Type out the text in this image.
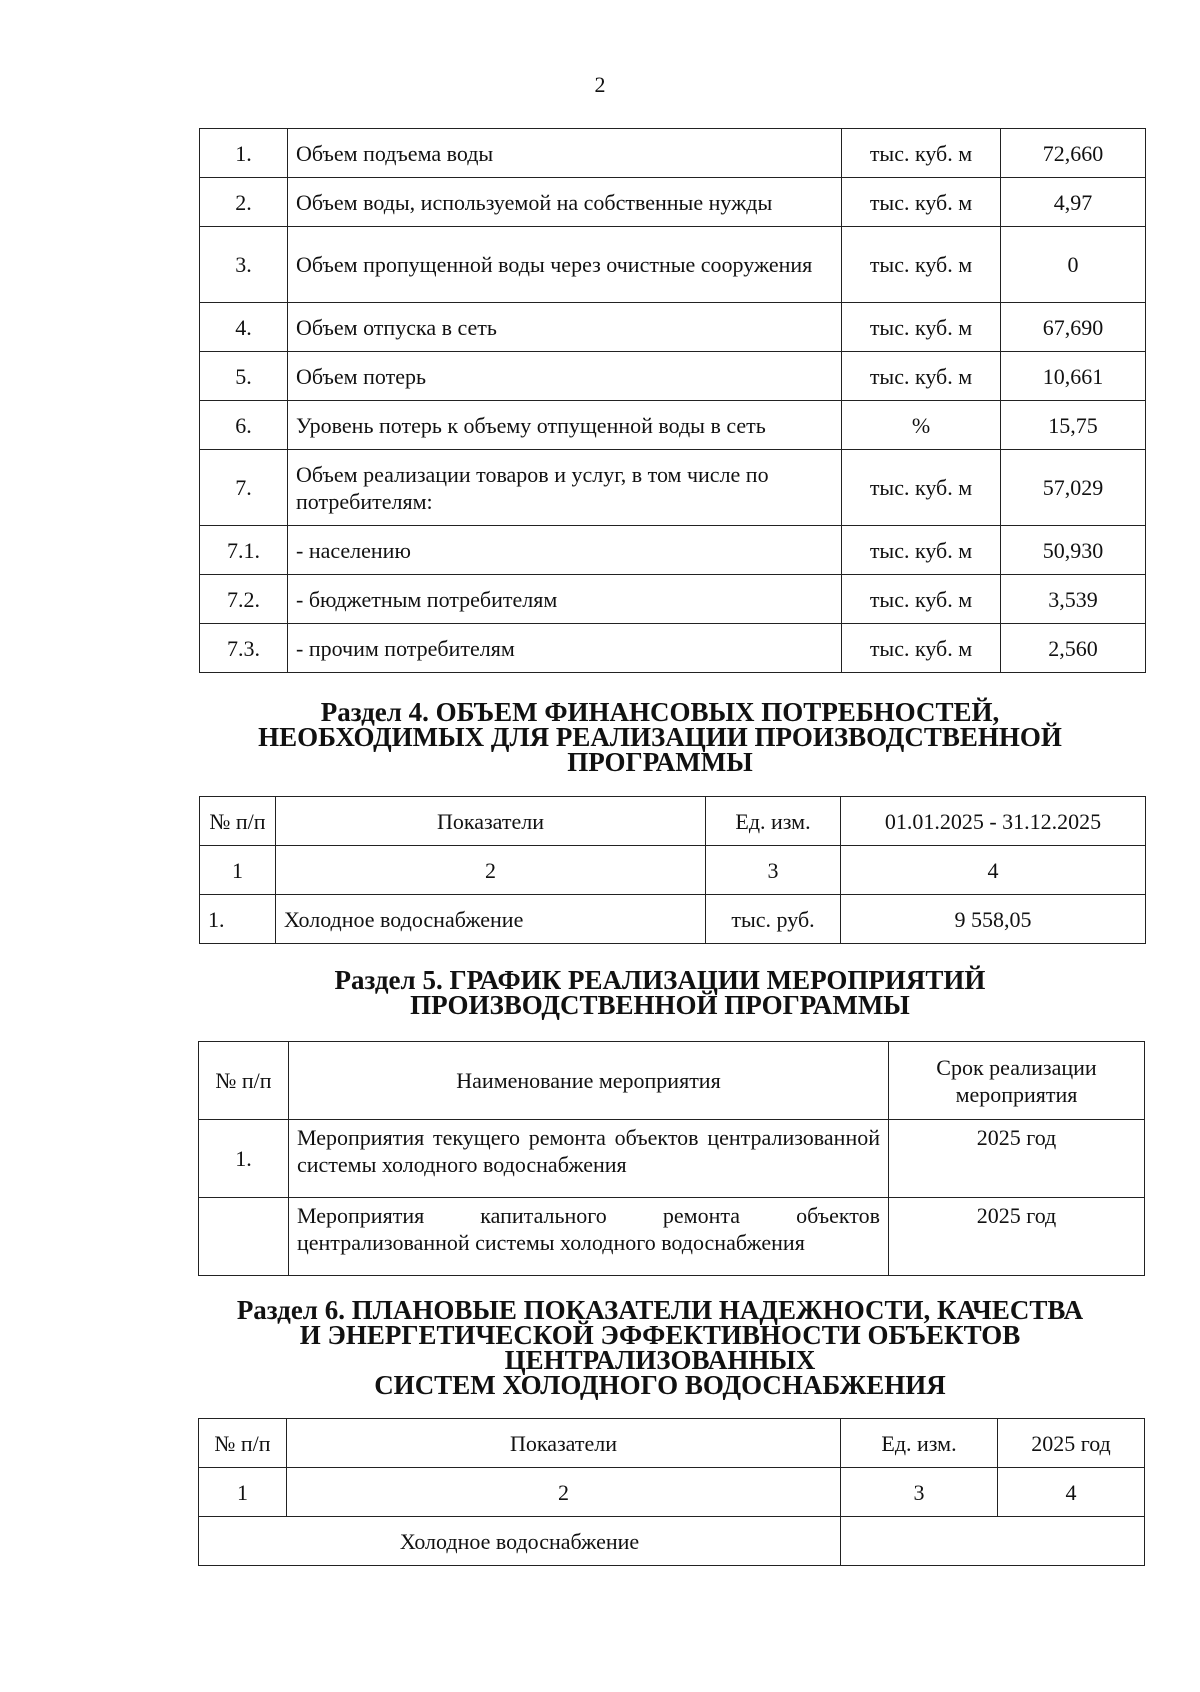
2
1.	Объем подъема воды	тыс. куб. м	72,660
2.	Объем воды, используемой на собственные нужды	тыс. куб. м	4,97
3.	Объем пропущенной воды через очистные сооружения	тыс. куб. м	0
4.	Объем отпуска в сеть	тыс. куб. м	67,690
5.	Объем потерь	тыс. куб. м	10,661
6.	Уровень потерь к объему отпущенной воды в сеть	%	15,75
7.	Объем реализации товаров и услуг, в том числе по потребителям:	тыс. куб. м	57,029
7.1.	- населению	тыс. куб. м	50,930
7.2.	- бюджетным потребителям	тыс. куб. м	3,539
7.3.	- прочим потребителям	тыс. куб. м	2,560
Раздел 4. ОБЪЕМ ФИНАНСОВЫХ ПОТРЕБНОСТЕЙ,
НЕОБХОДИМЫХ ДЛЯ РЕАЛИЗАЦИИ ПРОИЗВОДСТВЕННОЙ
ПРОГРАММЫ
№ п/п	Показатели	Ед. изм.	01.01.2025 - 31.12.2025
1	2	3	4
1.	Холодное водоснабжение	тыс. руб.	9 558,05
Раздел 5. ГРАФИК РЕАЛИЗАЦИИ МЕРОПРИЯТИЙ
ПРОИЗВОДСТВЕННОЙ ПРОГРАММЫ
№ п/п	Наименование мероприятия	Срок реализации мероприятия
1.	Мероприятия текущего ремонта объектов централизованной системы холодного водоснабжения	2025 год
	Мероприятия капитального ремонта объектов централизованной системы холодного водоснабжения	2025 год
Раздел 6. ПЛАНОВЫЕ ПОКАЗАТЕЛИ НАДЕЖНОСТИ, КАЧЕСТВА
И ЭНЕРГЕТИЧЕСКОЙ ЭФФЕКТИВНОСТИ ОБЪЕКТОВ
ЦЕНТРАЛИЗОВАННЫХ
СИСТЕМ ХОЛОДНОГО ВОДОСНАБЖЕНИЯ
№ п/п	Показатели	Ед. изм.	2025 год
1	2	3	4
Холодное водоснабжение			
